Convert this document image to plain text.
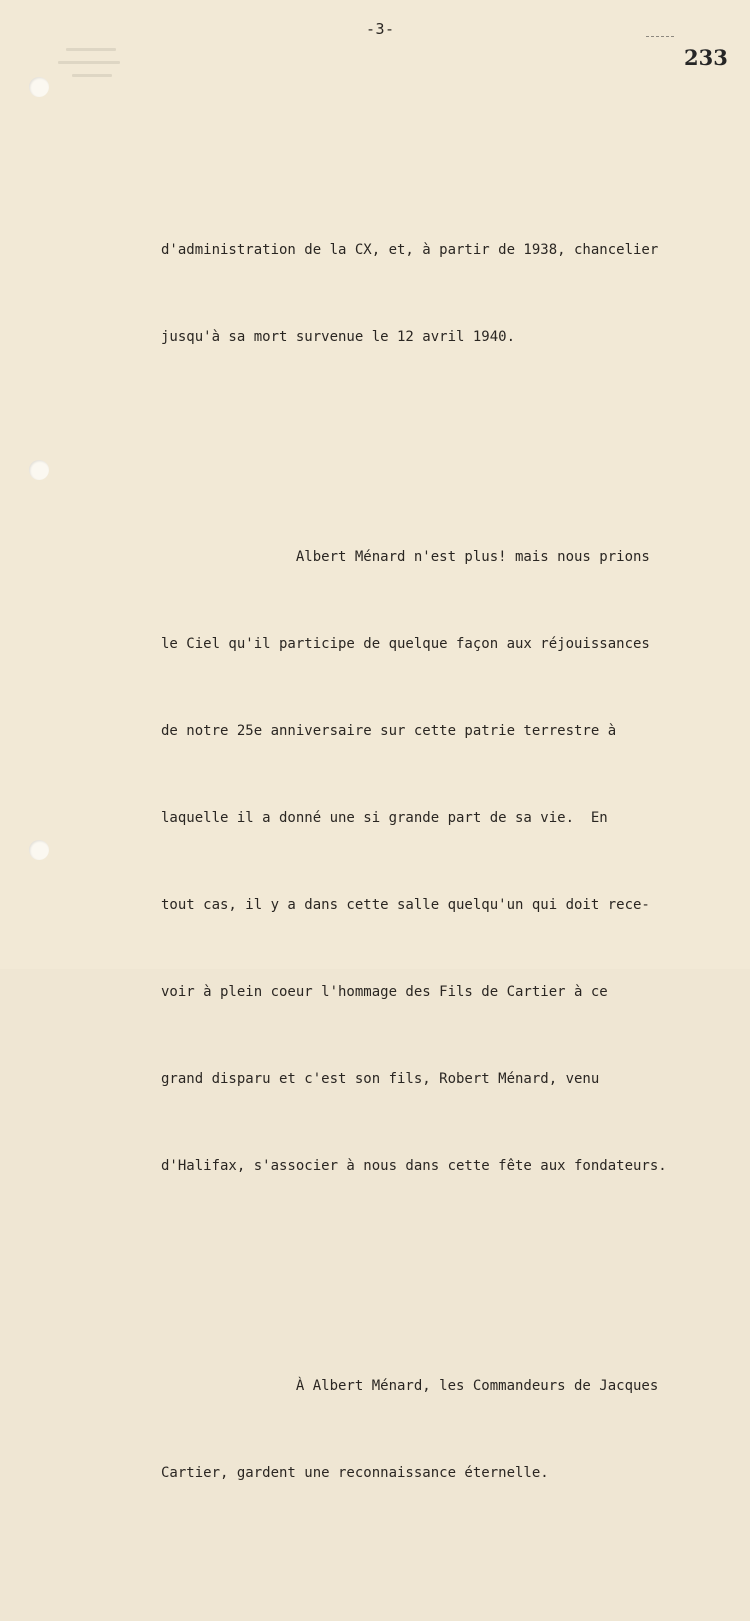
-3-
233

d'administration de la CX, et, à partir de 1938, chancelier

jusqu'à sa mort survenue le 12 avril 1940.

Albert Ménard n'est plus! mais nous prions

le Ciel qu'il participe de quelque façon aux réjouissances

de notre 25e anniversaire sur cette patrie terrestre à

laquelle il a donné une si grande part de sa vie.  En

tout cas, il y a dans cette salle quelqu'un qui doit rece-

voir à plein coeur l'hommage des Fils de Cartier à ce

grand disparu et c'est son fils, Robert Ménard, venu

d'Halifax, s'associer à nous dans cette fête aux fondateurs.

À Albert Ménard, les Commandeurs de Jacques

Cartier, gardent une reconnaissance éternelle.
